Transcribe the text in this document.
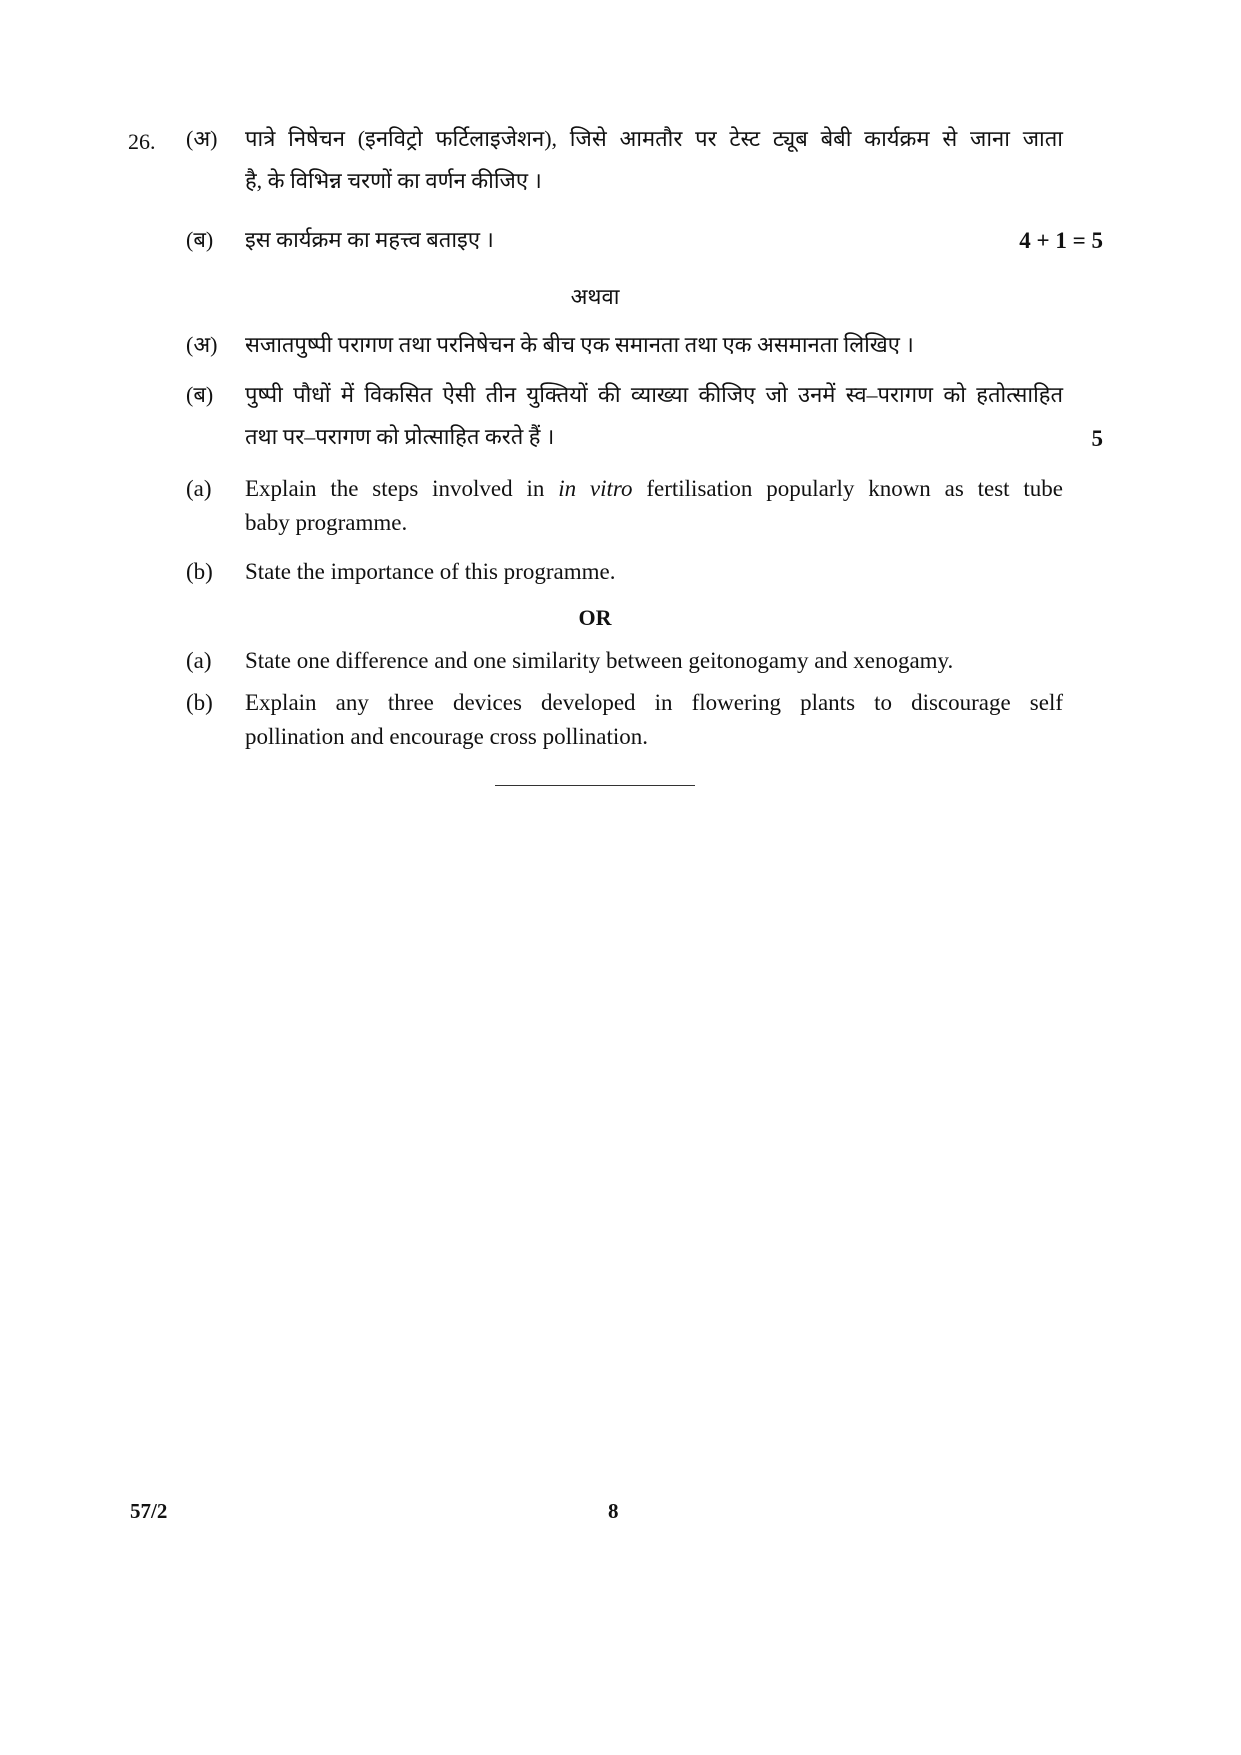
26. (अ) पात्रे निषेचन (इनविट्रो फर्टिलाइजेशन), जिसे आमतौर पर टेस्ट ट्यूब बेबी कार्यक्रम से जाना जाता
है, के विभिन्न चरणों का वर्णन कीजिए ।
(ब) इस कार्यक्रम का महत्त्व बताइए ।	4 + 1 = 5
अथवा
(अ) सजातपुष्पी परागण तथा परनिषेचन के बीच एक समानता तथा एक असमानता लिखिए ।
(ब) पुष्पी पौधों में विकसित ऐसी तीन युक्तियों की व्याख्या कीजिए जो उनमें स्व–परागण को हतोत्साहित
तथा पर–परागण को प्रोत्साहित करते हैं ।	5
(a) Explain the steps involved in in vitro fertilisation popularly known as test tube
baby programme.
(b) State the importance of this programme.
OR
(a) State one difference and one similarity between geitonogamy and xenogamy.
(b) Explain any three devices developed in flowering plants to discourage self
pollination and encourage cross pollination.
57/2	8
